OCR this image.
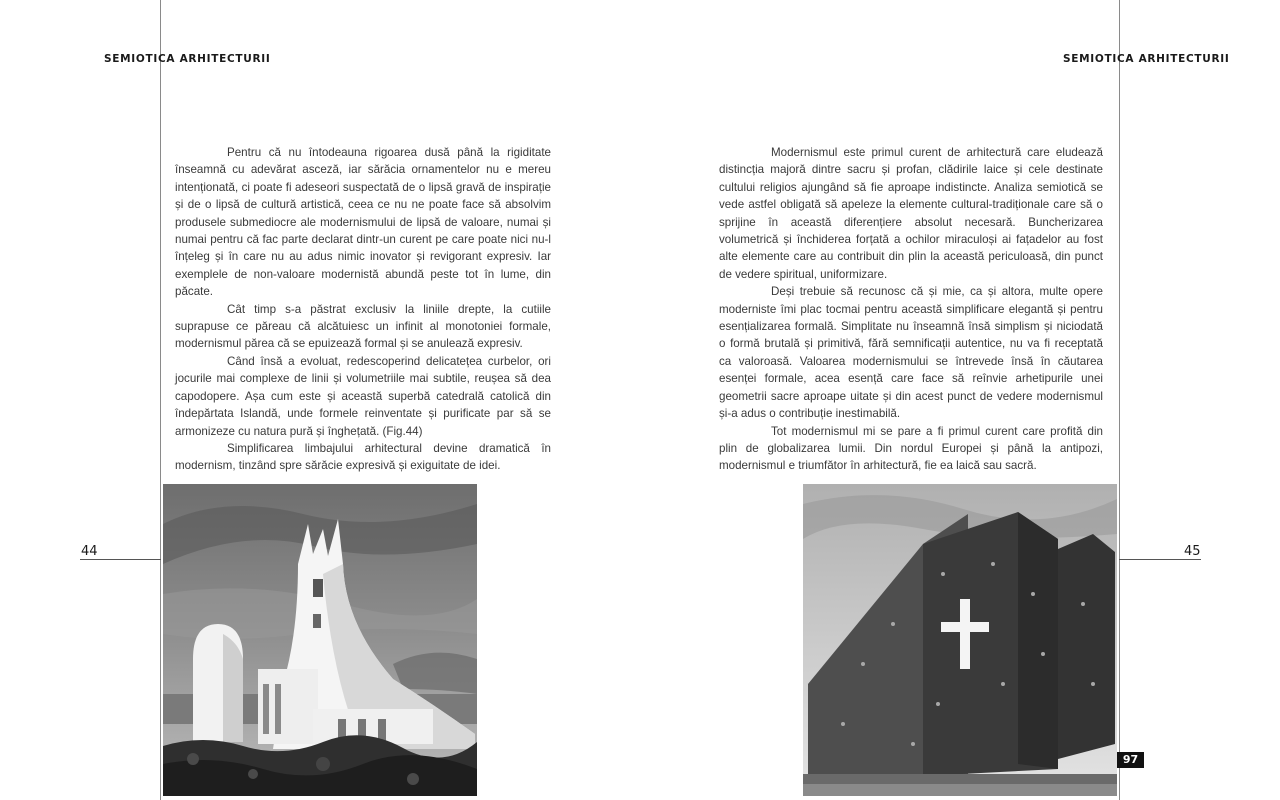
SEMIOTICA ARHITECTURII	SEMIOTICA ARHITECTURII
44	45

Pentru că nu întodeauna rigoarea dusă până la rigiditate înseamnă cu adevărat asceză, iar sărăcia ornamentelor nu e mereu intenționată, ci poate fi adeseori suspectată de o lipsă gravă de inspirație și de o lipsă de cultură artistică, ceea ce nu ne poate face să absolvim produsele submediocre ale modernismului de lipsă de valoare, numai și numai pentru că fac parte declarat dintr-un curent pe care poate nici nu-l înțeleg și în care nu au adus nimic inovator și revigorant expresiv. Iar exemplele de non-valoare modernistă abundă peste tot în lume, din păcate.

Cât timp s-a păstrat exclusiv la liniile drepte, la cutiile suprapuse ce păreau că alcătuiesc un infinit al monotoniei formale, modernismul părea că se epuizează formal și se anulează expresiv.

Când însă a evoluat, redescoperind delicatețea curbelor, ori jocurile mai complexe de linii și volumetriile mai subtile, reușea să dea capodopere. Așa cum este și această superbă catedrală catolică din îndepărtata Islandă, unde formele reinventate și purificate par să se armonizeze cu natura pură și înghețată. (Fig.44)

Simplificarea limbajului arhitectural devine dramatică în modernism, tinzând spre sărăcie expresivă și exiguitate de idei.

Modernismul este primul curent de arhitectură care eludează distincția majoră dintre sacru și profan, clădirile laice și cele destinate cultului religios ajungând să fie aproape indistincte. Analiza semiotică se vede astfel obligată să apeleze la elemente cultural-tradiționale care să o sprijine în această diferențiere absolut necesară. Buncherizarea volumetrică și închiderea forțată a ochilor miraculoși ai fațadelor au fost alte elemente care au contribuit din plin la această periculoasă, din punct de vedere spiritual, uniformizare.

Deși trebuie să recunosc că și mie, ca și altora, multe opere moderniste îmi plac tocmai pentru această simplificare elegantă și pentru esențializarea formală. Simplitate nu înseamnă însă simplism și niciodată o formă brutală și primitivă, fără semnificații autentice, nu va fi receptată ca valoroasă. Valoarea modernismului se întrevede însă în căutarea esenței formale, acea esență care face să reînvie arhetipurile unei geometrii sacre aproape uitate și din acest punct de vedere modernismul și-a adus o contribuție inestimabilă.

Tot modernismul mi se pare a fi primul curent care profită din plin de globalizarea lumii. Din nordul Europei și până la antipozi, modernismul e triumfător în arhitectură, fie ea laică sau sacră.

97
